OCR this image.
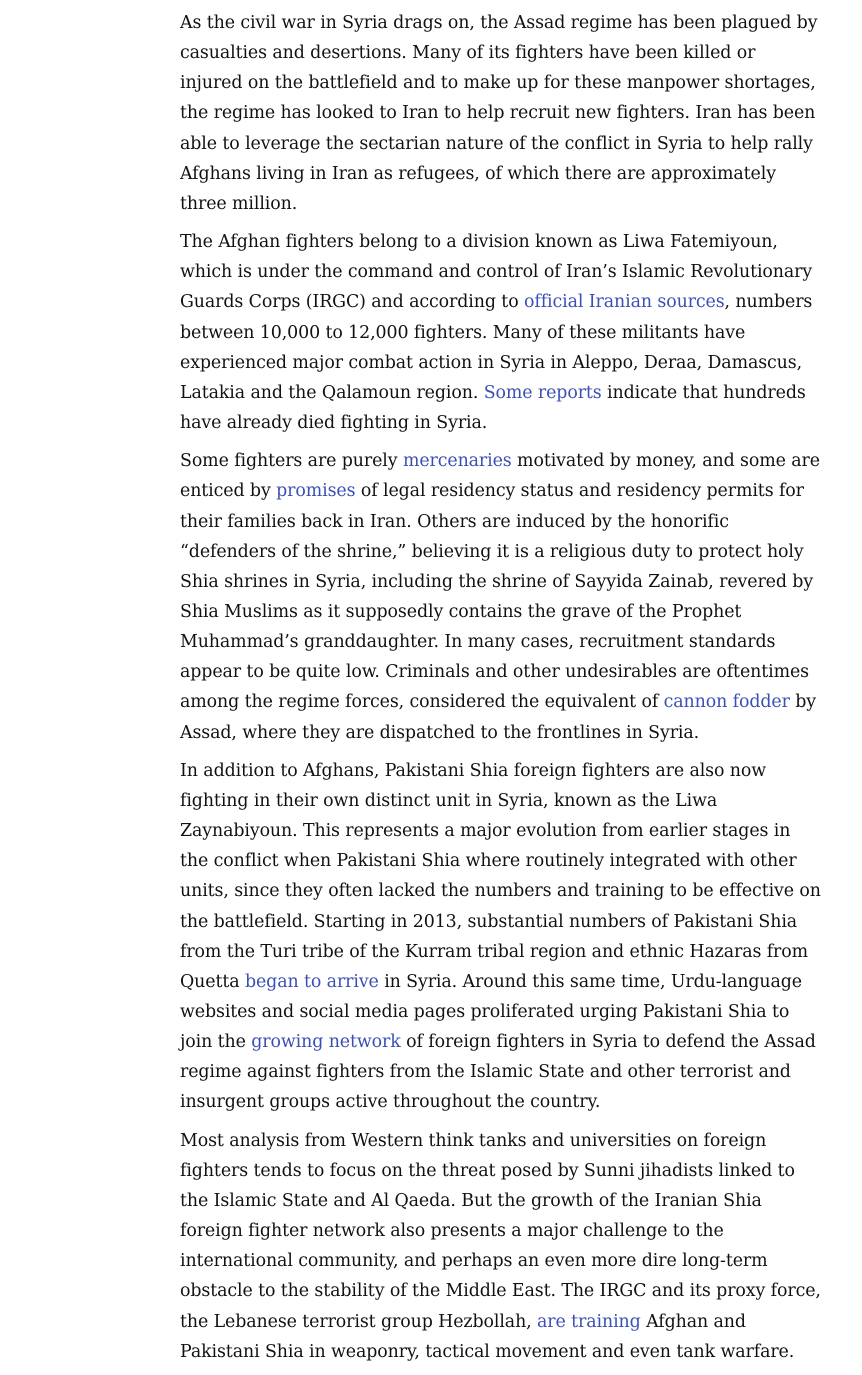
As the civil war in Syria drags on, the Assad regime has been plagued by casualties and desertions. Many of its fighters have been killed or injured on the battlefield and to make up for these manpower shortages, the regime has looked to Iran to help recruit new fighters. Iran has been able to leverage the sectarian nature of the conflict in Syria to help rally Afghans living in Iran as refugees, of which there are approximately three million.

The Afghan fighters belong to a division known as Liwa Fatemiyoun, which is under the command and control of Iran’s Islamic Revolutionary Guards Corps (IRGC) and according to official Iranian sources, numbers between 10,000 to 12,000 fighters. Many of these militants have experienced major combat action in Syria in Aleppo, Deraa, Damascus, Latakia and the Qalamoun region. Some reports indicate that hundreds have already died fighting in Syria.

Some fighters are purely mercenaries motivated by money, and some are enticed by promises of legal residency status and residency permits for their families back in Iran. Others are induced by the honorific “defenders of the shrine,” believing it is a religious duty to protect holy Shia shrines in Syria, including the shrine of Sayyida Zainab, revered by Shia Muslims as it supposedly contains the grave of the Prophet Muhammad’s granddaughter. In many cases, recruitment standards appear to be quite low. Criminals and other undesirables are oftentimes among the regime forces, considered the equivalent of cannon fodder by Assad, where they are dispatched to the frontlines in Syria.

In addition to Afghans, Pakistani Shia foreign fighters are also now fighting in their own distinct unit in Syria, known as the Liwa Zaynabiyoun. This represents a major evolution from earlier stages in the conflict when Pakistani Shia where routinely integrated with other units, since they often lacked the numbers and training to be effective on the battlefield. Starting in 2013, substantial numbers of Pakistani Shia from the Turi tribe of the Kurram tribal region and ethnic Hazaras from Quetta began to arrive in Syria. Around this same time, Urdu-language websites and social media pages proliferated urging Pakistani Shia to join the growing network of foreign fighters in Syria to defend the Assad regime against fighters from the Islamic State and other terrorist and insurgent groups active throughout the country.

Most analysis from Western think tanks and universities on foreign fighters tends to focus on the threat posed by Sunni jihadists linked to the Islamic State and Al Qaeda. But the growth of the Iranian Shia foreign fighter network also presents a major challenge to the international community, and perhaps an even more dire long-term obstacle to the stability of the Middle East. The IRGC and its proxy force, the Lebanese terrorist group Hezbollah, are training Afghan and Pakistani Shia in weaponry, tactical movement and even tank warfare.
